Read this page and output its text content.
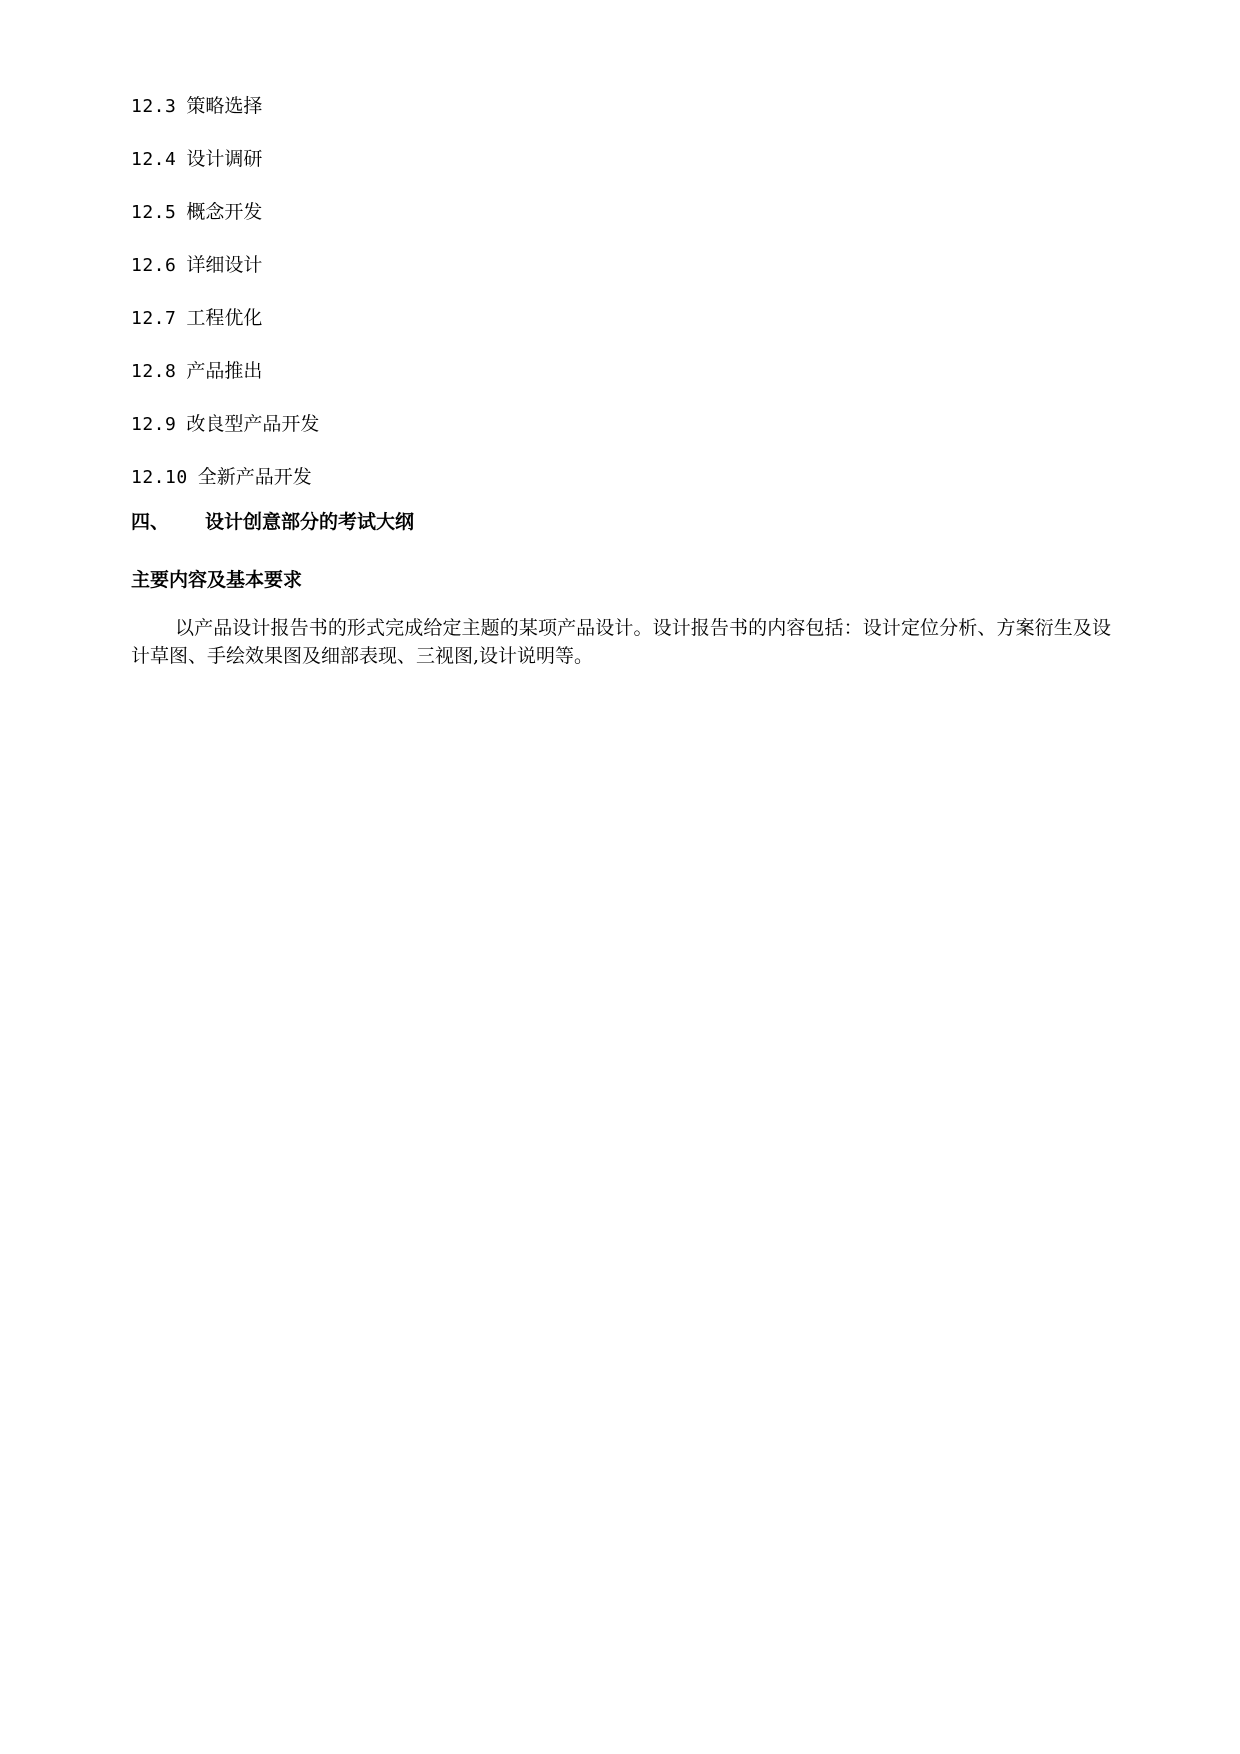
12.3 策略选择
12.4 设计调研
12.5 概念开发
12.6 详细设计
12.7 工程优化
12.8 产品推出
12.9 改良型产品开发
12.10 全新产品开发
四、 设计创意部分的考试大纲
主要内容及基本要求

以产品设计报告书的形式完成给定主题的某项产品设计。设计报告书的内容包括：设计定位分析、方案衍生及设计草图、手绘效果图及细部表现、三视图,设计说明等。
